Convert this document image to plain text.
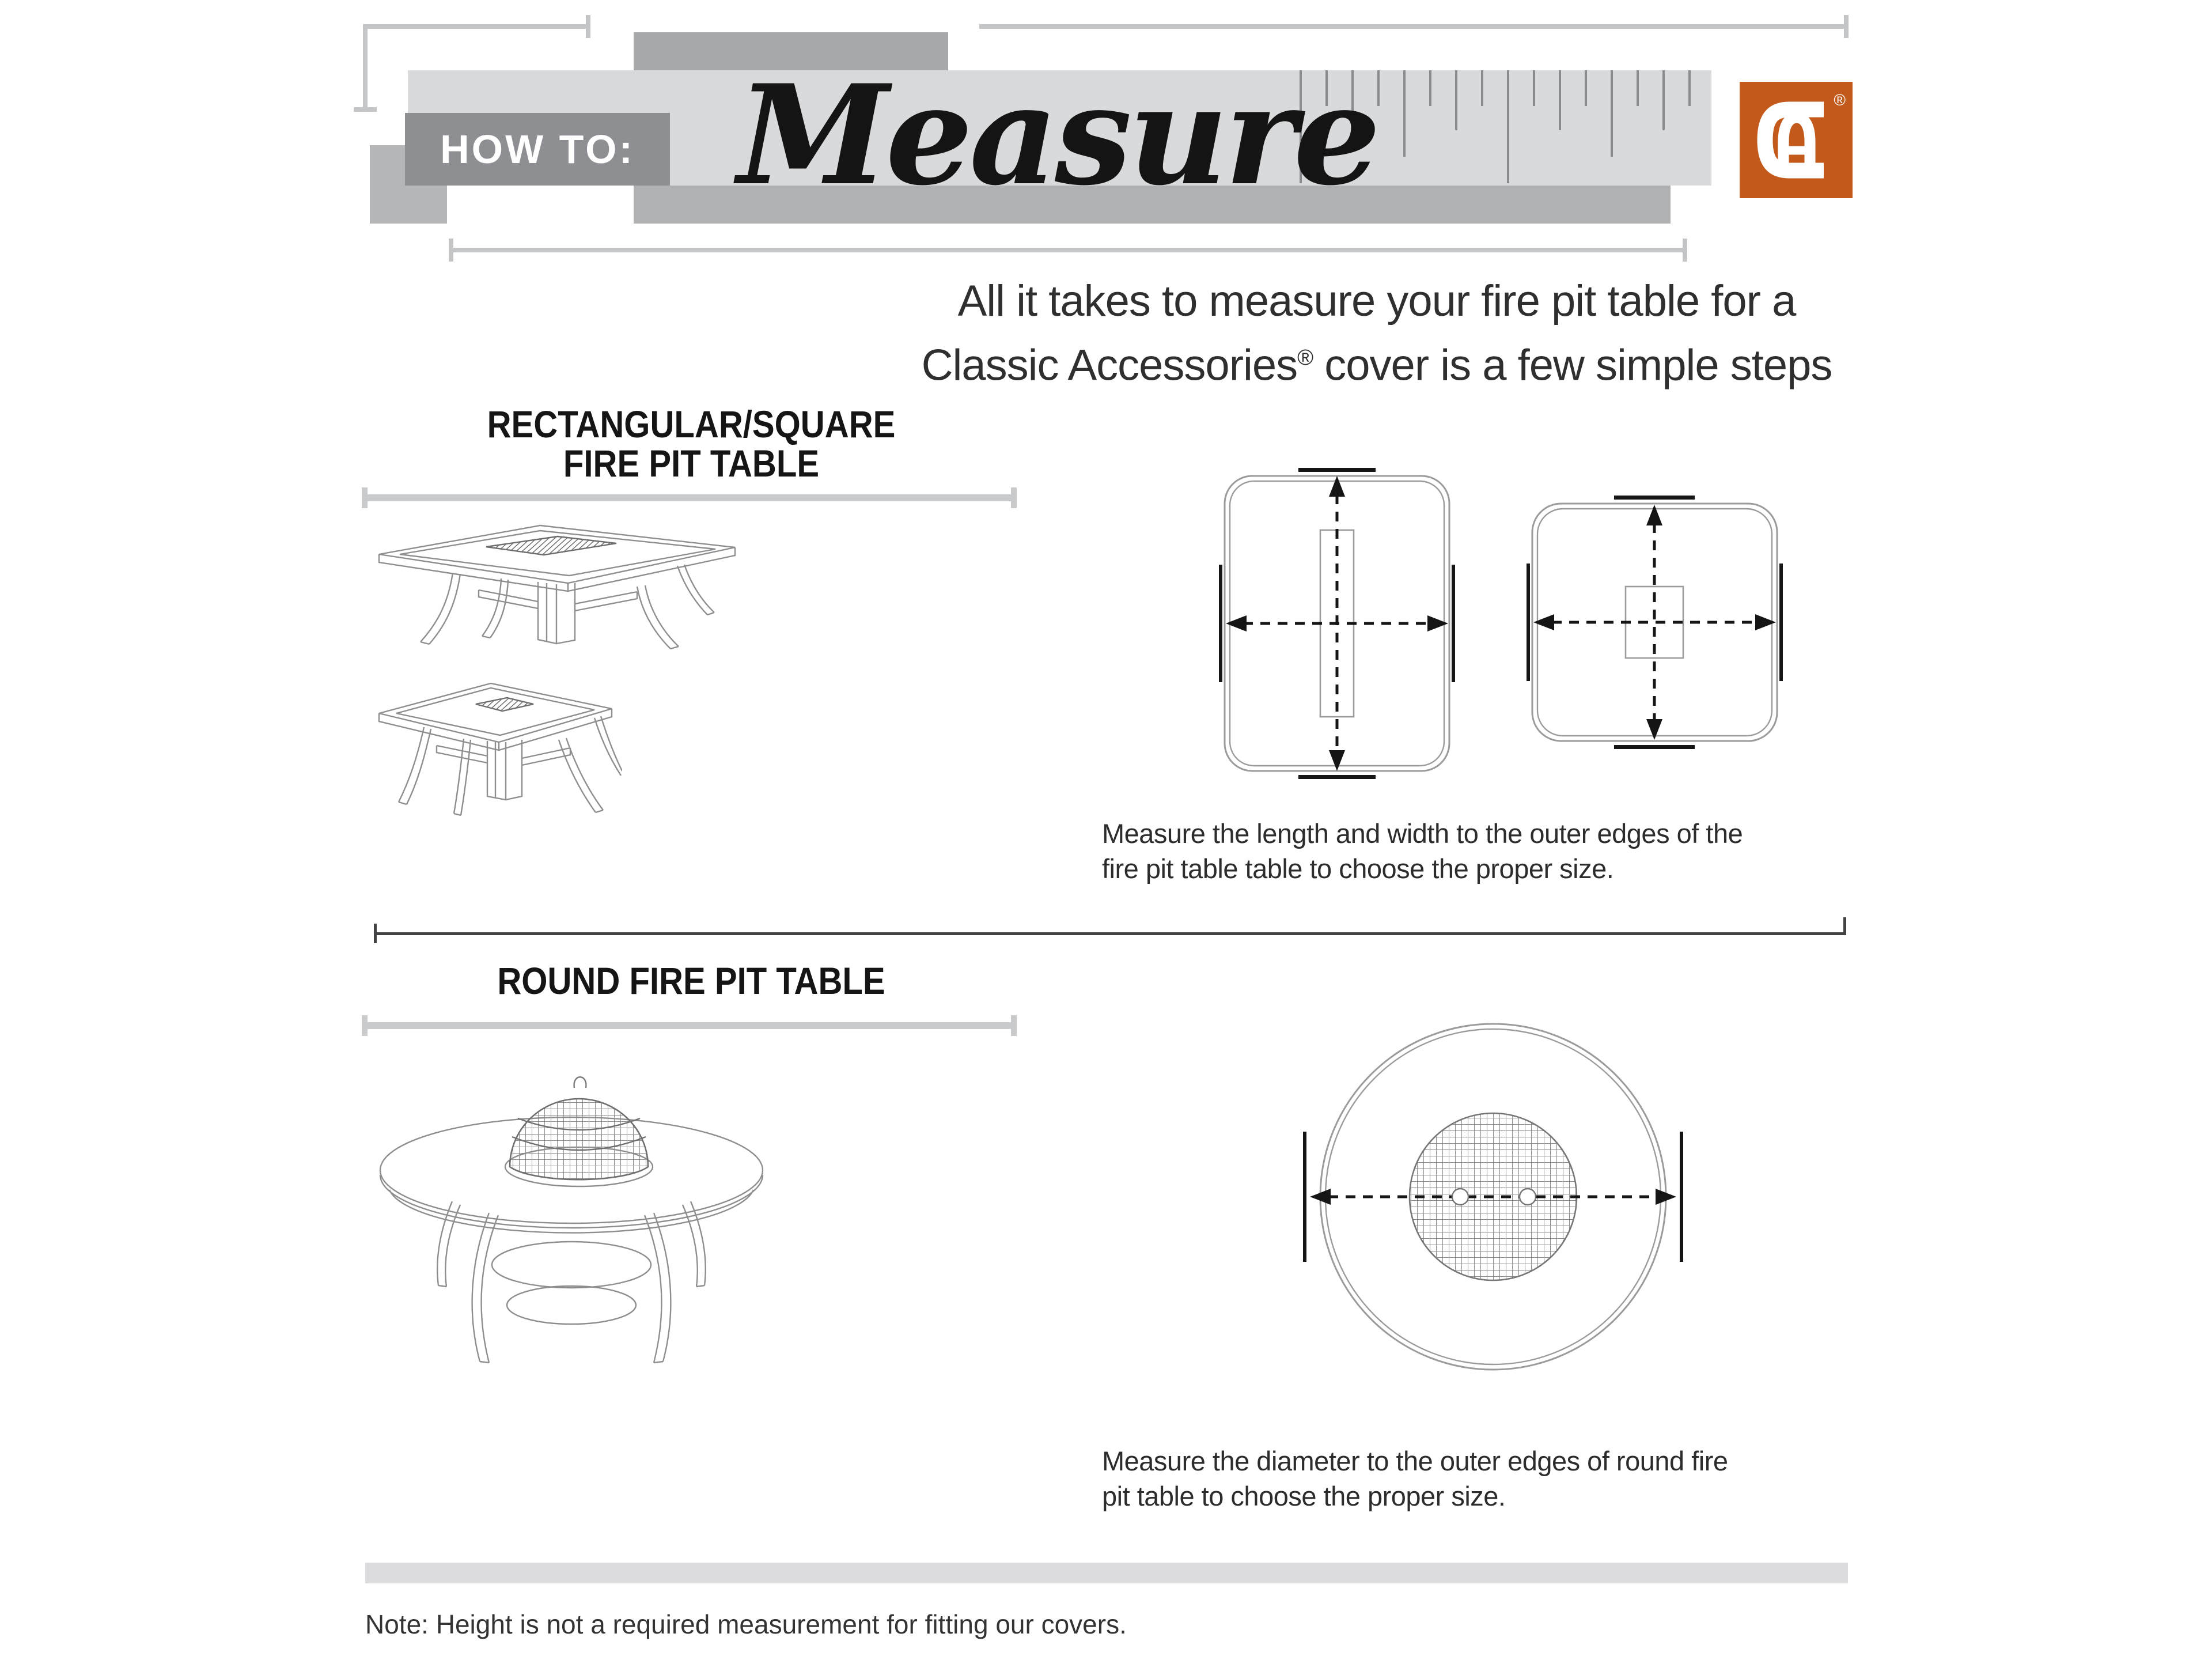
HOW TO: Measure	®
All it takes to measure your fire pit table for a
Classic Accessories® cover is a few simple steps
RECTANGULAR/SQUARE
FIRE PIT TABLE
Measure the length and width to the outer edges of the
fire pit table table to choose the proper size.
ROUND FIRE PIT TABLE
Measure the diameter to the outer edges of round fire
pit table to choose the proper size.
Note: Height is not a required measurement for fitting our covers.
